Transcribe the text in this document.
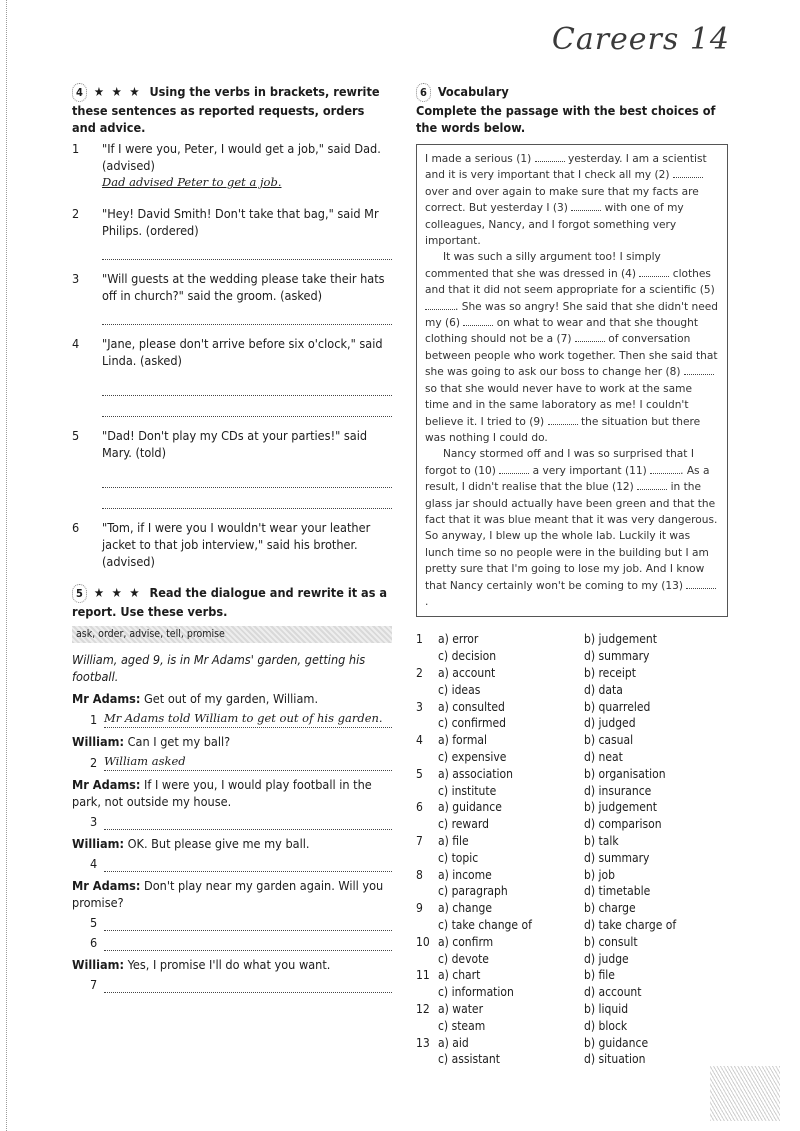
Careers 14
4 ★ ★ ★ Using the verbs in brackets, rewrite these sentences as reported requests, orders and advice.
1	"If I were you, Peter, I would get a job," said Dad. (advised)
Dad advised Peter to get a job.
2	"Hey! David Smith! Don't take that bag," said Mr Philips. (ordered)
3	"Will guests at the wedding please take their hats off in church?" said the groom. (asked)
4	"Jane, please don't arrive before six o'clock," said Linda. (asked)
5	"Dad! Don't play my CDs at your parties!" said Mary. (told)
6	"Tom, if I were you I wouldn't wear your leather jacket to that job interview," said his brother. (advised)
5 ★ ★ ★ Read the dialogue and rewrite it as a report. Use these verbs.
ask, order, advise, tell, promise
William, aged 9, is in Mr Adams' garden, getting his football.
Mr Adams: Get out of my garden, William.
1 Mr Adams told William to get out of his garden.
William: Can I get my ball?
2 William asked
Mr Adams: If I were you, I would play football in the park, not outside my house.
3
William: OK. But please give me my ball.
4
Mr Adams: Don't play near my garden again. Will you promise?
5
6
William: Yes, I promise I'll do what you want.
7
6 Vocabulary
Complete the passage with the best choices of the words below.

I made a serious (1)	yesterday. I am a scientist and it is very important that I check all my (2)  over and over again to make sure that my facts are correct. But yesterday I (3)	with one of my colleagues, Nancy, and I forgot something very important.

It was such a silly argument too! I simply commented that she was dressed in (4)	clothes and that it did not seem appropriate for a scientific (5) . She was so angry! She said that she didn't need my (6)	on what to wear and that she thought clothing should not be a (7)	of conversation between people who work together. Then she said that she was going to ask our boss to change her (8)  so that she would never have to work at the same time and in the same laboratory as me! I couldn't believe it. I tried to (9)	the situation but there was nothing I could do.

Nancy stormed off and I was so surprised that I forgot to (10)	a very important (11)	. As a result, I didn't realise that the blue (12)	in the glass jar should actually have been green and that the fact that it was blue meant that it was very dangerous. So anyway, I blew up the whole lab. Luckily it was lunch time so no people were in the building but I am pretty sure that I'm going to lose my job. And I know that Nancy certainly won't be coming to my (13) .

1	a) error	b) judgement
c) decision	d) summary
2	a) account	b) receipt
c) ideas	d) data
3	a) consulted	b) quarreled
c) confirmed	d) judged
4	a) formal	b) casual
c) expensive	d) neat
5	a) association	b) organisation
c) institute	d) insurance
6	a) guidance	b) judgement
c) reward	d) comparison
7	a) file	b) talk
c) topic	d) summary
8	a) income	b) job
c) paragraph	d) timetable
9	a) change	b) charge
c) take change of	d) take charge of
10 a) confirm	b) consult
c) devote	d) judge
11 a) chart	b) file
c) information	d) account
12 a) water	b) liquid
c) steam	d) block
13 a) aid	b) guidance
c) assistant	d) situation
